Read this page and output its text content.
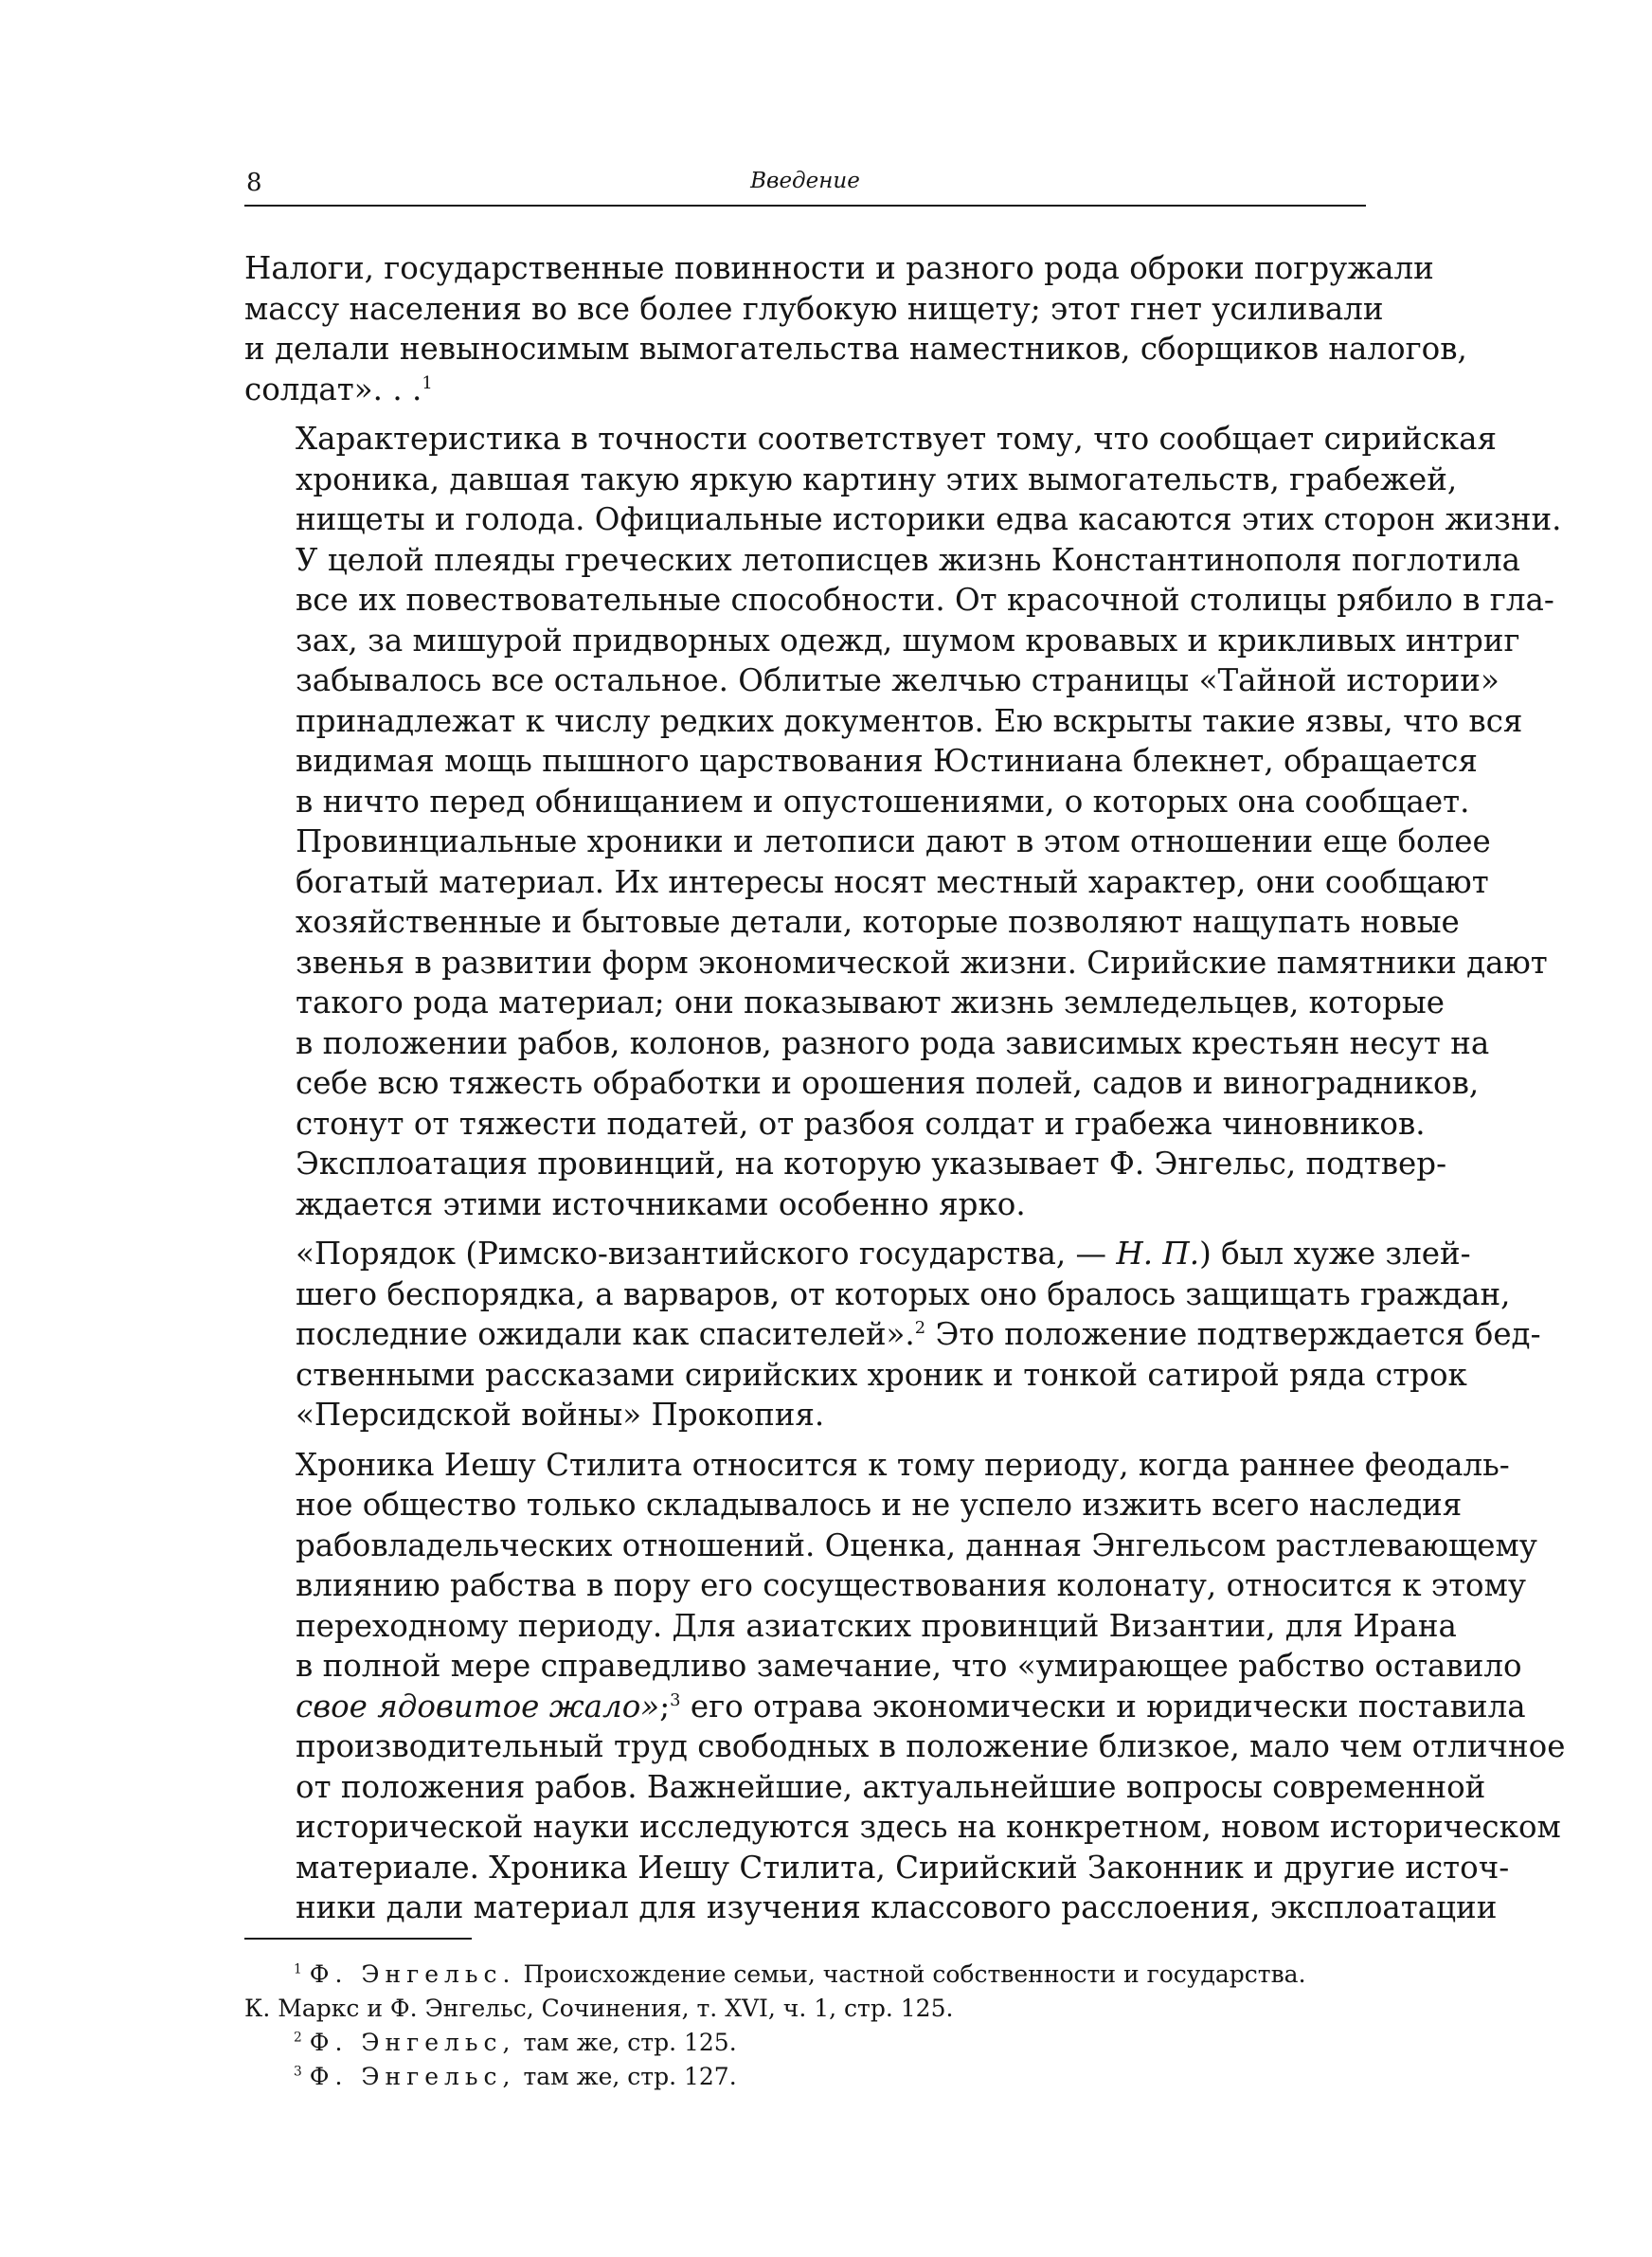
8	Введение
Налоги, государственные повинности и разного рода оброки погружали
массу населения во все более глубокую нищету; этот гнет усиливали
и делали невыносимым вымогательства наместников, сборщиков налогов,
солдат». . .$^1$
Характеристика в точности соответствует тому, что сообщает сирийская
хроника, давшая такую яркую картину этих вымогательств, грабежей,
нищеты и голода. Официальные историки едва касаются этих сторон жизни.
У целой плеяды греческих летописцев жизнь Константинополя поглотила
все их повествовательные способности. От красочной столицы рябило в гла-
зах, за мишурой придворных одежд, шумом кровавых и крикливых интриг
забывалось все остальное. Облитые желчью страницы «Тайной истории»
принадлежат к числу редких документов. Ею вскрыты такие язвы, что вся
видимая мощь пышного царствования Юстиниана блекнет, обращается
в ничто перед обнищанием и опустошениями, о которых она сообщает.
Провинциальные хроники и летописи дают в этом отношении еще более
богатый материал. Их интересы носят местный характер, они сообщают
хозяйственные и бытовые детали, которые позволяют нащупать новые
звенья в развитии форм экономической жизни. Сирийские памятники дают
такого рода материал; они показывают жизнь земледельцев, которые
в положении рабов, колонов, разного рода зависимых крестьян несут на
себе всю тяжесть обработки и орошения полей, садов и виноградников,
стонут от тяжести податей, от разбоя солдат и грабежа чиновников.
Эксплоатация провинций, на которую указывает Ф. Энгельс, подтвер-
ждается этими источниками особенно ярко.
«Порядок (Римско-византийского государства, — Н. П.) был хуже злей-
шего беспорядка, а варваров, от которых оно бралось защищать граждан,
последние ожидали как спасителей».$^2$ Это положение подтверждается бед-
ственными рассказами сирийских хроник и тонкой сатирой ряда строк
«Персидской войны» Прокопия.
Хроника Иешу Стилита относится к тому периоду, когда раннее феодаль-
ное общество только складывалось и не успело изжить всего наследия
рабовладельческих отношений. Оценка, данная Энгельсом растлевающему
влиянию рабства в пору его сосуществования колонату, относится к этому
переходному периоду. Для азиатских провинций Византии, для Ирана
в полной мере справедливо замечание, что «умирающее рабство оставило
свое ядовитое жало»;$^3$ его отрава экономически и юридически поставила
производительный труд свободных в положение близкое, мало чем отличное
от положения рабов. Важнейшие, актуальнейшие вопросы современной
исторической науки исследуются здесь на конкретном, новом историческом
материале. Хроника Иешу Стилита, Сирийский Законник и другие источ-
ники дали материал для изучения классового расслоения, эксплоатации
$^1$ Ф. Энгельс. Происхождение семьи, частной собственности и государства.
К. Маркс и Ф. Энгельс, Сочинения, т. XVI, ч. 1, стр. 125.
$^2$ Ф. Энгельс, там же, стр. 125.
$^3$ Ф. Энгельс, там же, стр. 127.
